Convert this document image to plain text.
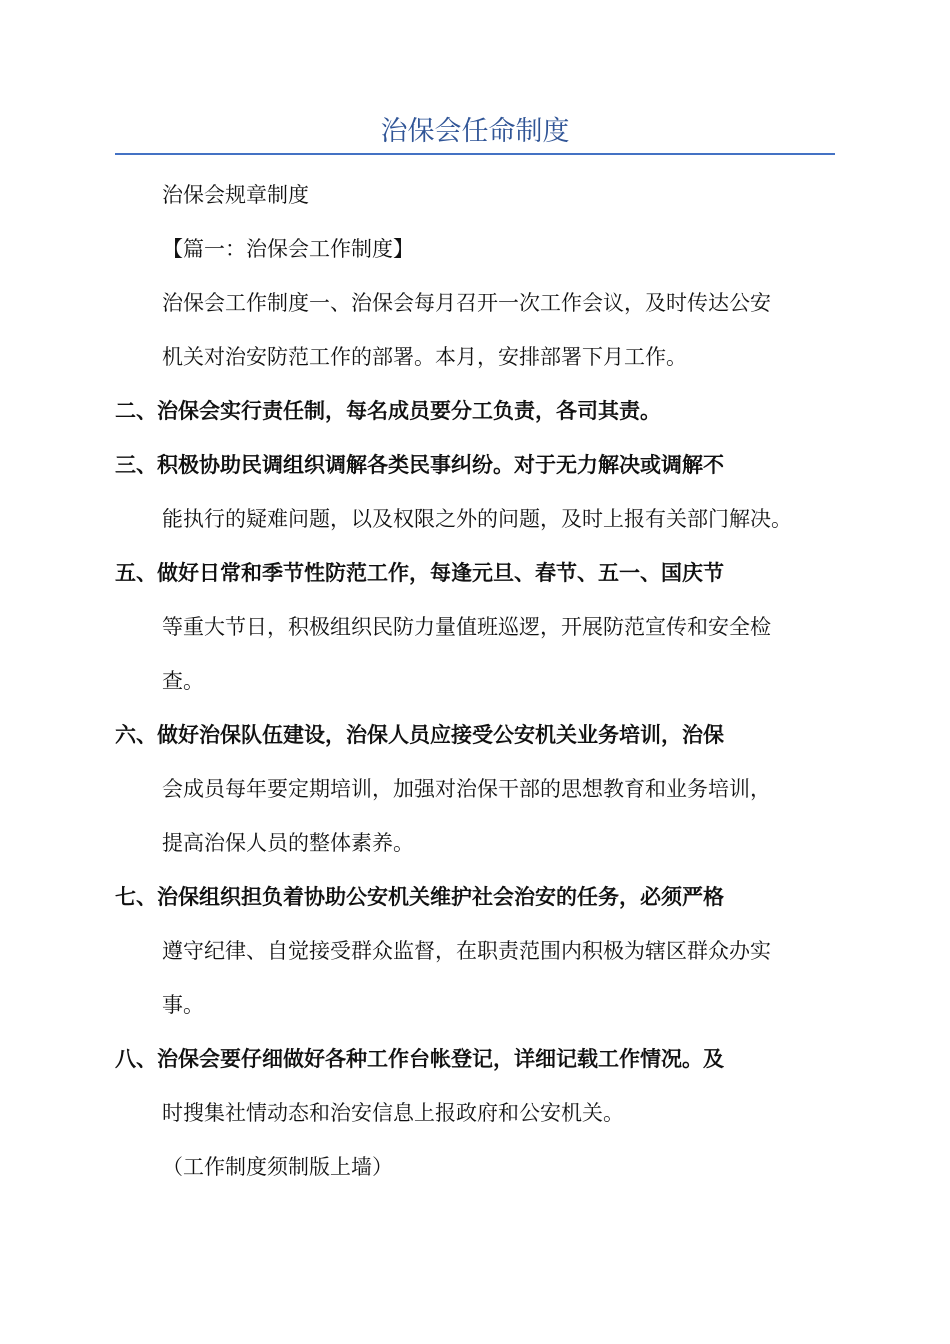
治保会任命制度
治保会规章制度
【篇一：治保会工作制度】
治保会工作制度一、治保会每月召开一次工作会议，及时传达公安
机关对治安防范工作的部署。本月，安排部署下月工作。
二、治保会实行责任制，每名成员要分工负责，各司其责。
三、积极协助民调组织调解各类民事纠纷。对于无力解决或调解不
能执行的疑难问题，以及权限之外的问题，及时上报有关部门解决。
五、做好日常和季节性防范工作，每逢元旦、春节、五一、国庆节
等重大节日，积极组织民防力量值班巡逻，开展防范宣传和安全检
查。
六、做好治保队伍建设，治保人员应接受公安机关业务培训，治保
会成员每年要定期培训，加强对治保干部的思想教育和业务培训，
提高治保人员的整体素养。
七、治保组织担负着协助公安机关维护社会治安的任务，必须严格
遵守纪律、自觉接受群众监督，在职责范围内积极为辖区群众办实
事。
八、治保会要仔细做好各种工作台帐登记，详细记载工作情况。及
时搜集社情动态和治安信息上报政府和公安机关。
（工作制度须制版上墙）
